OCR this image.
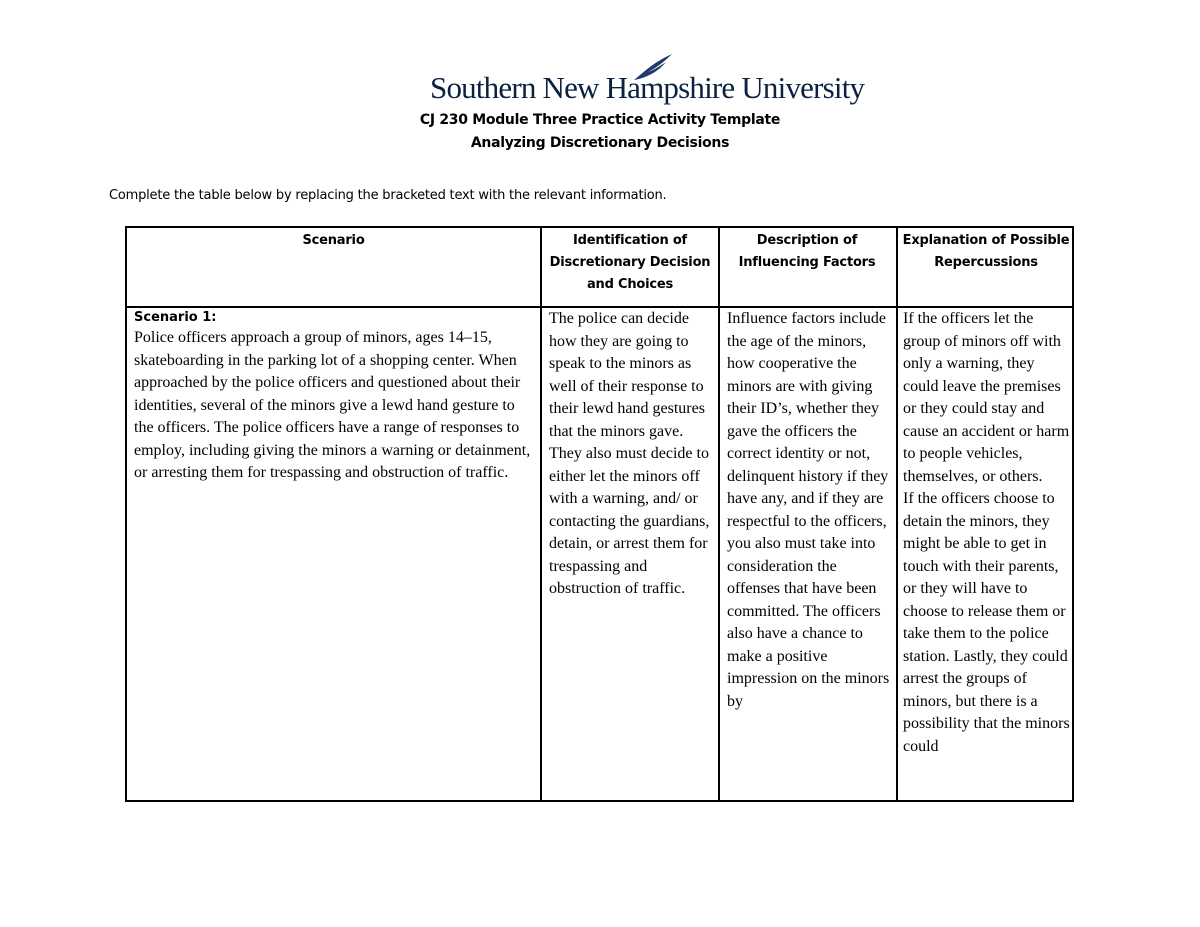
Southern New Hampshire University
CJ 230 Module Three Practice Activity Template
Analyzing Discretionary Decisions
Complete the table below by replacing the bracketed text with the relevant information.
Scenario	Identification of Discretionary Decision and Choices
Description of Influencing Factors
Explanation of Possible Repercussions
Scenario 1:

Police officers approach a group of minors, ages 14–15, skateboarding in the parking lot of a shopping center. When approached by the police officers and questioned about their identities, several of the minors give a lewd hand gesture to the officers. The police officers have a range of responses to employ, including giving the minors a warning or detainment, or arresting them for trespassing and obstruction of traffic.

The police can decide how they are going to speak to the minors as well of their response to their lewd hand gestures that the minors gave. They also must decide to either let the minors off with a warning, and/ or contacting the guardians, detain, or arrest them for trespassing and obstruction of traffic.

Influence factors include the age of the minors, how cooperative the minors are with giving their ID’s, whether they gave the officers the correct identity or not, delinquent history if they have any, and if they are respectful to the officers, you also must take into consideration the offenses that have been committed. The officers also have a chance to make a positive impression on the minors by

If the officers let the group of minors off with only a warning, they could leave the premises or they could stay and cause an accident or harm to people vehicles, themselves, or others.

If the officers choose to detain the minors, they might be able to get in touch with their parents, or they will have to choose to release them or take them to the police station. Lastly, they could arrest the groups of minors, but there is a possibility that the minors could
